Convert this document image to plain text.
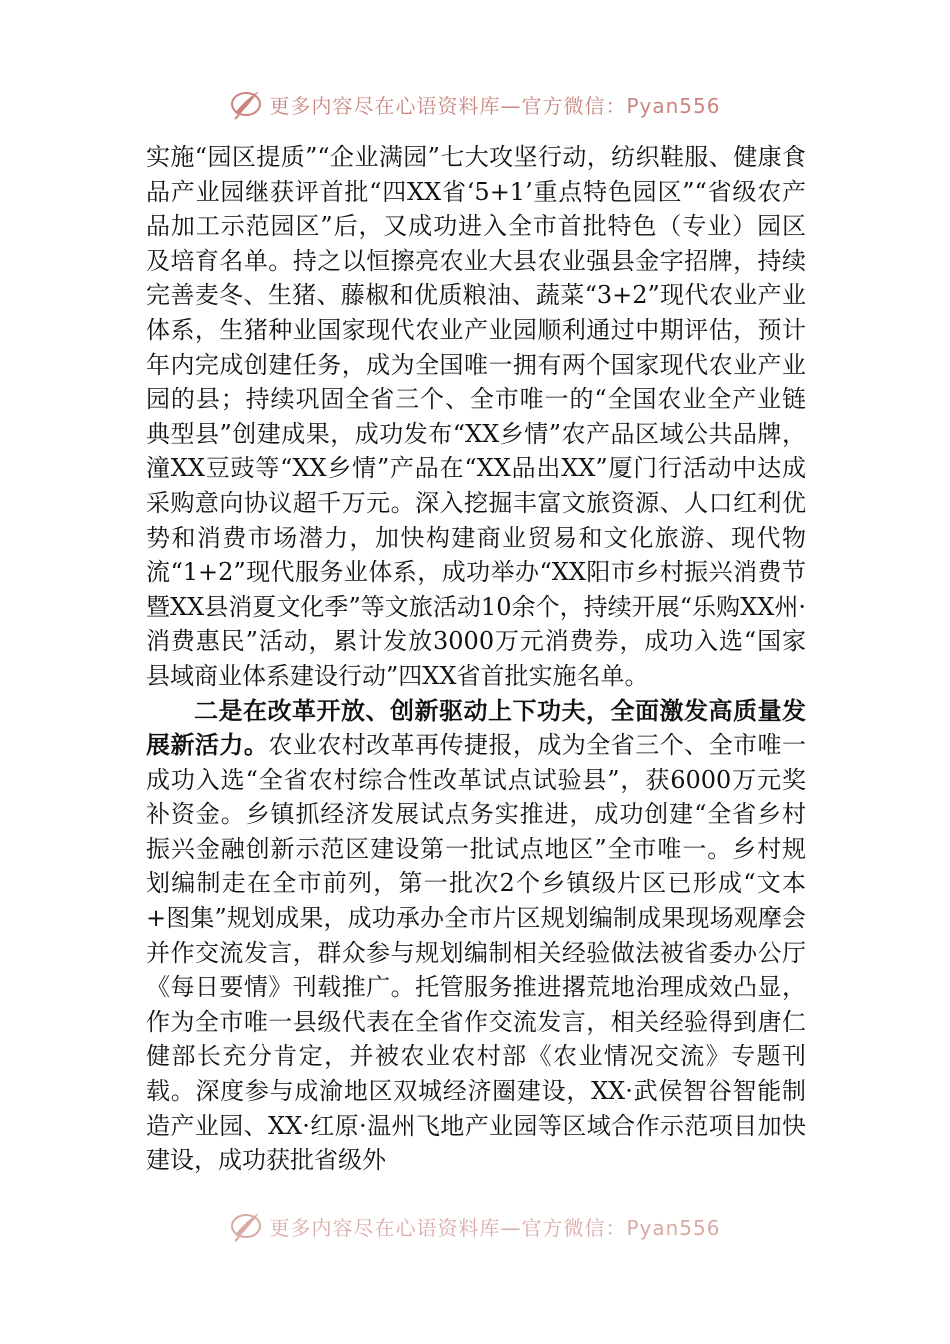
更多内容尽在心语资料库—官方微信：Pyan556

实施“园区提质”“企业满园”七大攻坚行动，纺织鞋服、健康食品产业园继获评首批“四XX省‘5+1’重点特色园区”“省级农产品加工示范园区”后，又成功进入全市首批特色（专业）园区及培育名单。持之以恒擦亮农业大县农业强县金字招牌，持续完善麦冬、生猪、藤椒和优质粮油、蔬菜“3+2”现代农业产业体系，生猪种业国家现代农业产业园顺利通过中期评估，预计年内完成创建任务，成为全国唯一拥有两个国家现代农业产业园的县；持续巩固全省三个、全市唯一的“全国农业全产业链典型县”创建成果，成功发布“XX乡情”农产品区域公共品牌，潼XX豆豉等“XX乡情”产品在“XX品出XX”厦门行活动中达成采购意向协议超千万元。深入挖掘丰富文旅资源、人口红利优势和消费市场潜力，加快构建商业贸易和文化旅游、现代物流“1+2”现代服务业体系，成功举办“XX阳市乡村振兴消费节暨XX县消夏文化季”等文旅活动10余个，持续开展“乐购XX州·消费惠民”活动，累计发放3000万元消费券，成功入选“国家县域商业体系建设行动”四XX省首批实施名单。

二是在改革开放、创新驱动上下功夫，全面激发高质量发展新活力。农业农村改革再传捷报，成为全省三个、全市唯一成功入选“全省农村综合性改革试点试验县”，获6000万元奖补资金。乡镇抓经济发展试点务实推进，成功创建“全省乡村振兴金融创新示范区建设第一批试点地区”全市唯一。乡村规划编制走在全市前列，第一批次2个乡镇级片区已形成“文本+图集”规划成果，成功承办全市片区规划编制成果现场观摩会并作交流发言，群众参与规划编制相关经验做法被省委办公厅《每日要情》刊载推广。托管服务推进撂荒地治理成效凸显，作为全市唯一县级代表在全省作交流发言，相关经验得到唐仁健部长充分肯定，并被农业农村部《农业情况交流》专题刊载。深度参与成渝地区双城经济圈建设，XX·武侯智谷智能制造产业园、XX·红原·温州飞地产业园等区域合作示范项目加快建设，成功获批省级外

更多内容尽在心语资料库—官方微信：Pyan556
